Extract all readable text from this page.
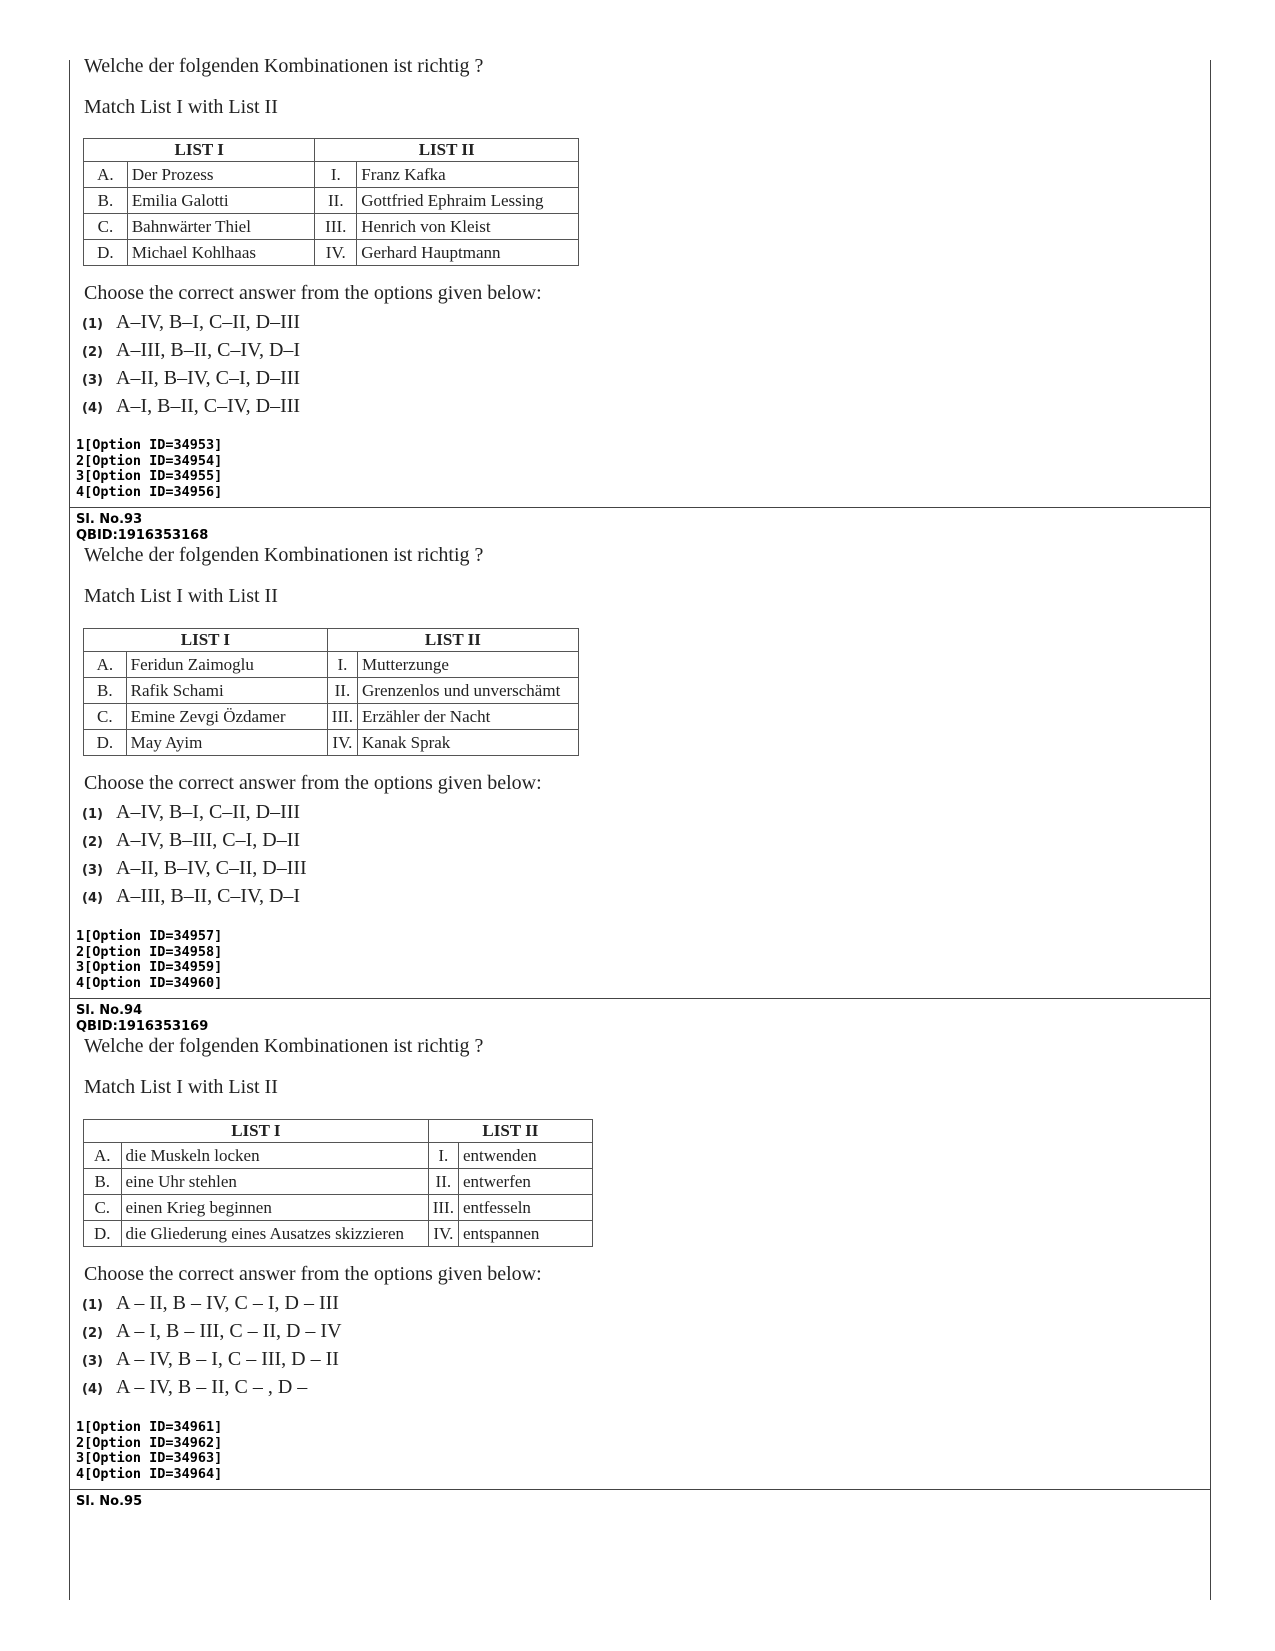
Welche der folgenden Kombinationen ist richtig ?
Match List I with List II
LIST I		LIST II	
A.	Der Prozess	I.	Franz Kafka
B.	Emilia Galotti	II.	Gottfried Ephraim Lessing
C.	Bahnwärter Thiel	III.	Henrich von Kleist
D.	Michael Kohlhaas	IV.	Gerhard Hauptmann
Choose the correct answer from the options given below:
(1) A–IV, B–I, C–II, D–III
(2) A–III, B–II, C–IV, D–I
(3) A–II, B–IV, C–I, D–III
(4) A–I, B–II, C–IV, D–III
1[Option ID=34953]
2[Option ID=34954]
3[Option ID=34955]
4[Option ID=34956]
Sl. No.93
QBID:1916353168
Welche der folgenden Kombinationen ist richtig ?
Match List I with List II
LIST I		LIST II	
A.	Feridun Zaimoglu	I.	Mutterzunge
B.	Rafik Schami	II.	Grenzenlos und unverschämt
C.	Emine Zevgi Özdamer	III.	Erzähler der Nacht
D.	May Ayim	IV.	Kanak Sprak
Choose the correct answer from the options given below:
(1) A–IV, B–I, C–II, D–III
(2) A–IV, B–III, C–I, D–II
(3) A–II, B–IV, C–II, D–III
(4) A–III, B–II, C–IV, D–I
1[Option ID=34957]
2[Option ID=34958]
3[Option ID=34959]
4[Option ID=34960]
Sl. No.94
QBID:1916353169
Welche der folgenden Kombinationen ist richtig ?
Match List I with List II
LIST I		LIST II	
A.	die Muskeln locken	I.	entwenden
B.	eine Uhr stehlen	II.	entwerfen
C.	einen Krieg beginnen	III.	entfesseln
D.	die Gliederung eines Ausatzes skizzieren	IV.	entspannen
Choose the correct answer from the options given below:
(1) A – II, B – IV, C – I, D – III
(2) A – I, B – III, C – II, D – IV
(3) A – IV, B – I, C – III, D – II
(4) A – IV, B – II, C – , D –
1[Option ID=34961]
2[Option ID=34962]
3[Option ID=34963]
4[Option ID=34964]
Sl. No.95
